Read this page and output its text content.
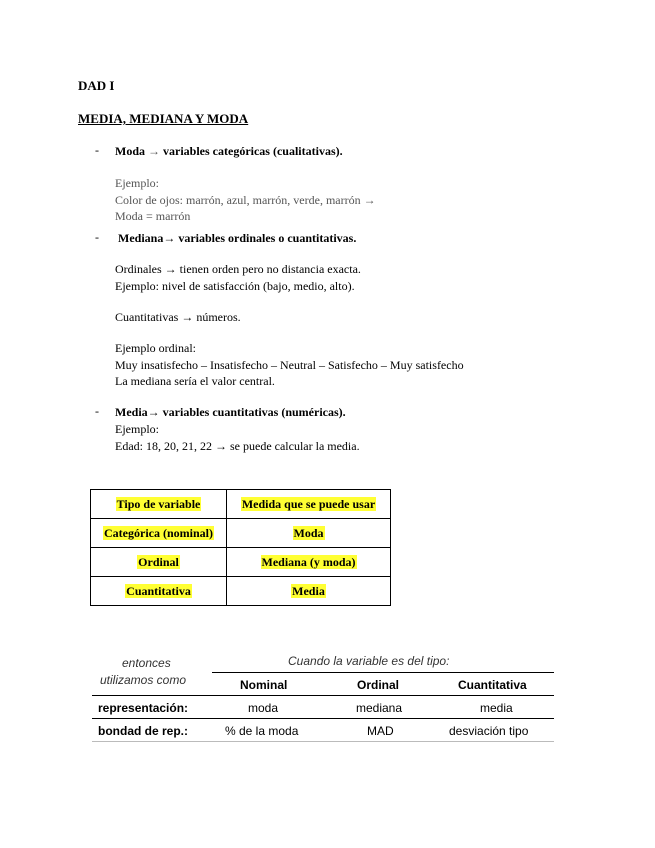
DAD I
MEDIA, MEDIANA Y MODA
- Moda → variables categóricas (cualitativas).
Ejemplo:
Color de ojos: marrón, azul, marrón, verde, marrón →
Moda = marrón
- Mediana→ variables ordinales o cuantitativas.
Ordinales → tienen orden pero no distancia exacta.
Ejemplo: nivel de satisfacción (bajo, medio, alto).
Cuantitativas → números.
Ejemplo ordinal:
Muy insatisfecho – Insatisfecho – Neutral – Satisfecho – Muy satisfecho
La mediana sería el valor central.
- Media→ variables cuantitativas (numéricas).
Ejemplo:
Edad: 18, 20, 21, 22 → se puede calcular la media.
Tipo de variable	Medida que se puede usar
Categórica (nominal)	Moda
Ordinal	Mediana (y moda)
Cuantitativa	Media
entonces
utilizamos como
Cuando la variable es del tipo:
Nominal	Ordinal	Cuantitativa
representación:	moda	mediana	media
bondad de rep.:	% de la moda	MAD	desviación tipo
